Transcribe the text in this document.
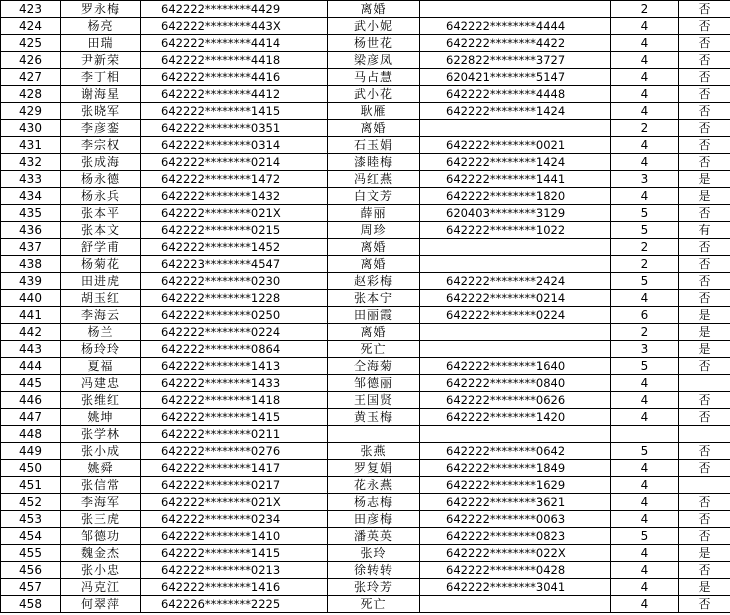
423	罗永梅	642222********4429	离婚		2	否
424	杨亮	642222********443X	武小妮	642222********4444	4	否
425	田瑞	642222********4414	杨世花	642222********4422	4	否
426	尹新荣	642222********4418	梁彦凤	622822********3727	4	否
427	李丁相	642222********4416	马占慧	620421********5147	4	否
428	谢海星	642222********4412	武小花	642222********4448	4	否
429	张晓军	642222********1415	耿雁	642222********1424	4	否
430	李彦銮	642222********0351	离婚		2	否
431	李宗权	642222********0314	石玉娟	642222********0021	4	否
432	张成海	642222********0214	漆睦梅	642222********1424	4	否
433	杨永德	642222********1472	冯红燕	642222********1441	3	是
434	杨永兵	642222********1432	白文芳	642222********1820	4	是
435	张本平	642222********021X	薛丽	620403********3129	5	否
436	张本文	642222********0215	周珍	642222********1022	5	有
437	舒学甫	642222********1452	离婚		2	否
438	杨菊花	642223********4547	离婚		2	否
439	田进虎	642222********0230	赵彩梅	642222********2424	5	否
440	胡玉红	642222********1228	张本宁	642222********0214	4	否
441	李海云	642222********0250	田丽霞	642222********0224	6	是
442	杨兰	642222********0224	离婚		2	是
443	杨玲玲	642222********0864	死亡		3	是
444	夏福	642222********1413	仝海菊	642222********1640	5	否
445	冯建忠	642222********1433	邹德丽	642222********0840	4	
446	张维红	642222********1418	王国贤	642222********0626	4	否
447	姚坤	642222********1415	黄玉梅	642222********1420	4	否
448	张学林	642222********0211				
449	张小成	642222********0276	张燕	642222********0642	5	否
450	姚舜	642222********1417	罗复娟	642222********1849	4	否
451	张信常	642222********0217	花永燕	642222********1629	4	
452	李海军	642222********021X	杨志梅	642222********3621	4	否
453	张三虎	642222********0234	田彦梅	642222********0063	4	否
454	邹德功	642222********1410	潘英英	642222********0823	5	否
455	魏金杰	642222********1415	张玲	642222********022X	4	是
456	张小忠	642222********0213	徐转转	642222********0428	4	否
457	冯克江	642222********1416	张玲芳	642222********3041	4	是
458	何翠萍	642226********2225	死亡		4	否
